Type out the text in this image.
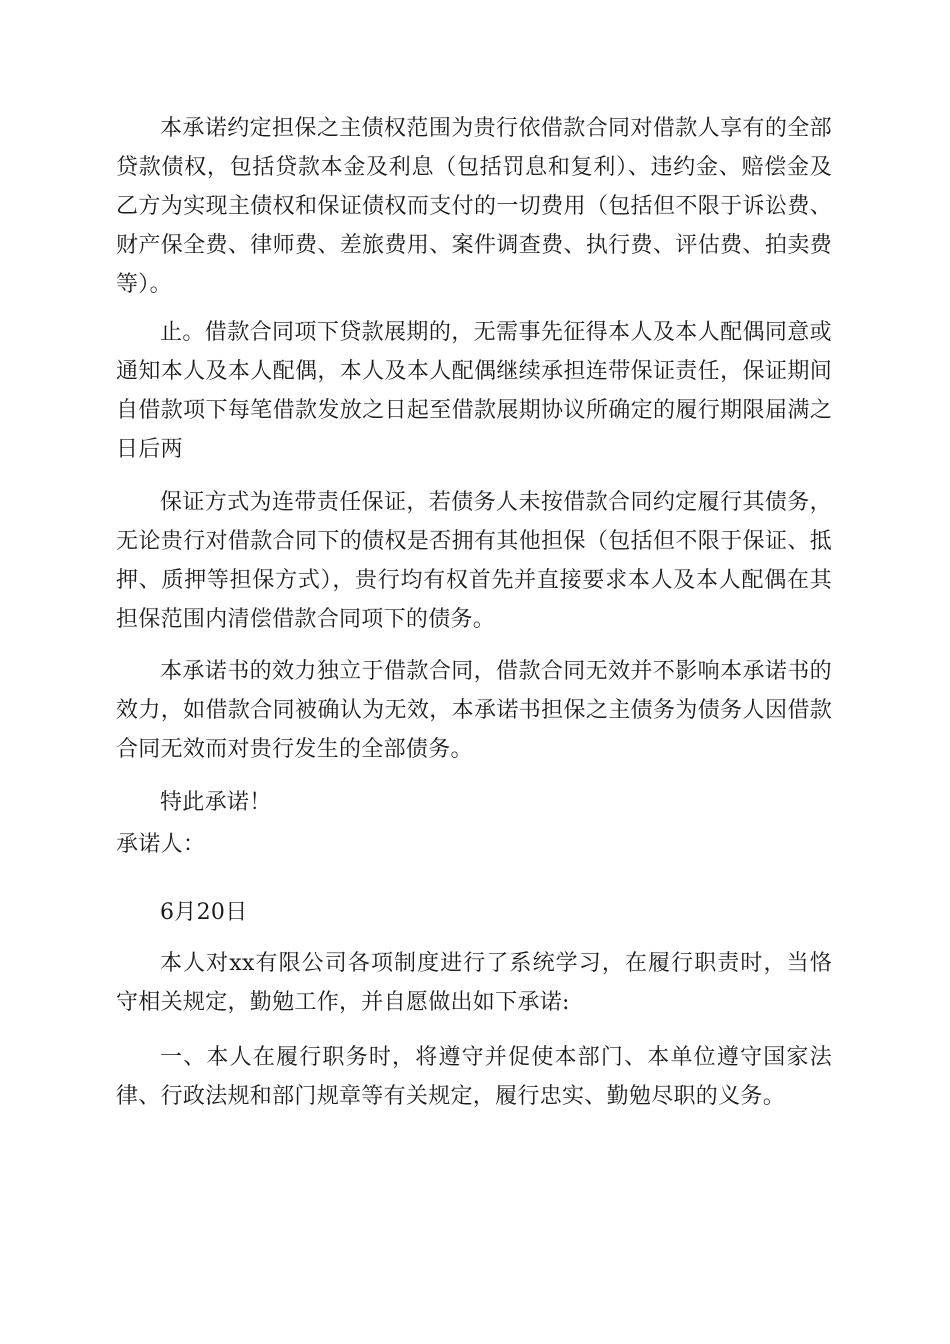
本承诺约定担保之主债权范围为贵行依借款合同对借款人享有的全部贷款债权，包括贷款本金及利息（包括罚息和复利）、违约金、赔偿金及乙方为实现主债权和保证债权而支付的一切费用（包括但不限于诉讼费、财产保全费、律师费、差旅费用、案件调查费、执行费、评估费、拍卖费等）。

止。借款合同项下贷款展期的，无需事先征得本人及本人配偶同意或通知本人及本人配偶，本人及本人配偶继续承担连带保证责任，保证期间自借款项下每笔借款发放之日起至借款展期协议所确定的履行期限届满之日后两

保证方式为连带责任保证，若债务人未按借款合同约定履行其债务，无论贵行对借款合同下的债权是否拥有其他担保（包括但不限于保证、抵押、质押等担保方式），贵行均有权首先并直接要求本人及本人配偶在其担保范围内清偿借款合同项下的债务。

本承诺书的效力独立于借款合同，借款合同无效并不影响本承诺书的效力，如借款合同被确认为无效，本承诺书担保之主债务为债务人因借款合同无效而对贵行发生的全部债务。

特此承诺！

承诺人：

6月20日

本人对xx有限公司各项制度进行了系统学习，在履行职责时，当恪守相关规定，勤勉工作，并自愿做出如下承诺:

一、本人在履行职务时，将遵守并促使本部门、本单位遵守国家法律、行政法规和部门规章等有关规定，履行忠实、勤勉尽职的义务。
